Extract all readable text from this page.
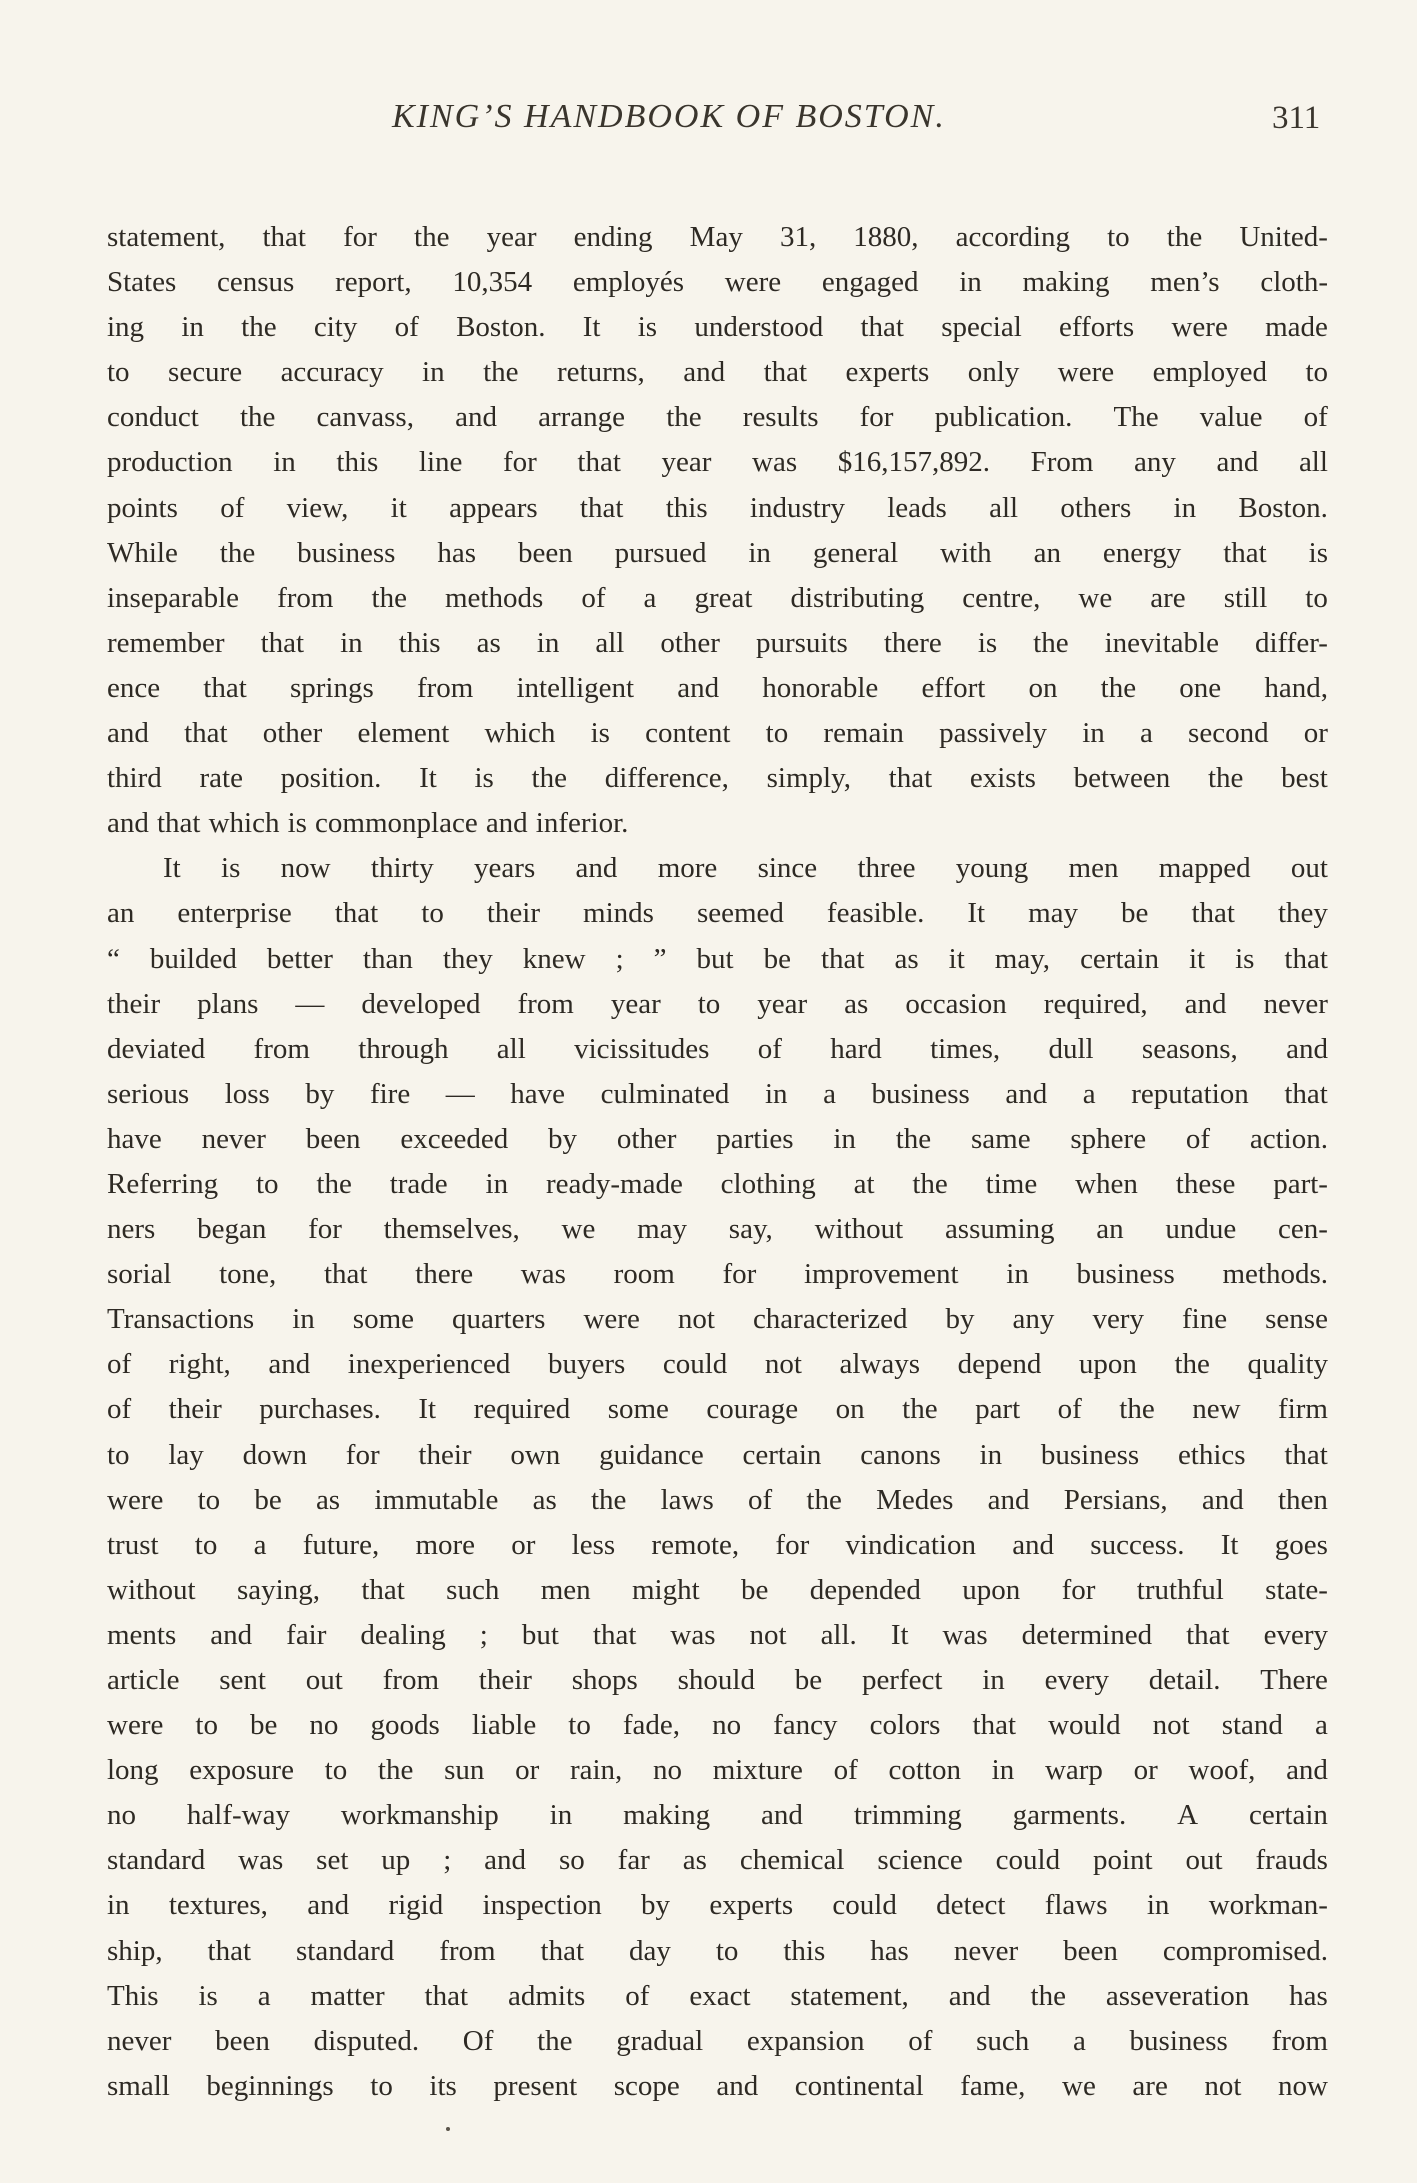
KING’S HANDBOOK OF BOSTON.	311
statement, that for the year ending May 31, 1880, according to the United-
States census report, 10,354 employés were engaged in making men’s cloth-
ing in the city of Boston. It is understood that special efforts were made
to secure accuracy in the returns, and that experts only were employed to
conduct the canvass, and arrange the results for publication. The value of
production in this line for that year was $16,157,892. From any and all
points of view, it appears that this industry leads all others in Boston.
While the business has been pursued in general with an energy that is
inseparable from the methods of a great distributing centre, we are still to
remember that in this as in all other pursuits there is the inevitable differ-
ence that springs from intelligent and honorable effort on the one hand,
and that other element which is content to remain passively in a second or
third rate position. It is the difference, simply, that exists between the best
and that which is commonplace and inferior.
It is now thirty years and more since three young men mapped out
an enterprise that to their minds seemed feasible. It may be that they
“ builded better than they knew ; ” but be that as it may, certain it is that
their plans — developed from year to year as occasion required, and never
deviated from through all vicissitudes of hard times, dull seasons, and
serious loss by fire — have culminated in a business and a reputation that
have never been exceeded by other parties in the same sphere of action.
Referring to the trade in ready-made clothing at the time when these part-
ners began for themselves, we may say, without assuming an undue cen-
sorial tone, that there was room for improvement in business methods.
Transactions in some quarters were not characterized by any very fine sense
of right, and inexperienced buyers could not always depend upon the quality
of their purchases. It required some courage on the part of the new firm
to lay down for their own guidance certain canons in business ethics that
were to be as immutable as the laws of the Medes and Persians, and then
trust to a future, more or less remote, for vindication and success. It goes
without saying, that such men might be depended upon for truthful state-
ments and fair dealing ; but that was not all. It was determined that every
article sent out from their shops should be perfect in every detail. There
were to be no goods liable to fade, no fancy colors that would not stand a
long exposure to the sun or rain, no mixture of cotton in warp or woof, and
no half-way workmanship in making and trimming garments. A certain
standard was set up ; and so far as chemical science could point out frauds
in textures, and rigid inspection by experts could detect flaws in workman-
ship, that standard from that day to this has never been compromised.
This is a matter that admits of exact statement, and the asseveration has
never been disputed. Of the gradual expansion of such a business from
small beginnings to its present scope and continental fame, we are not now
